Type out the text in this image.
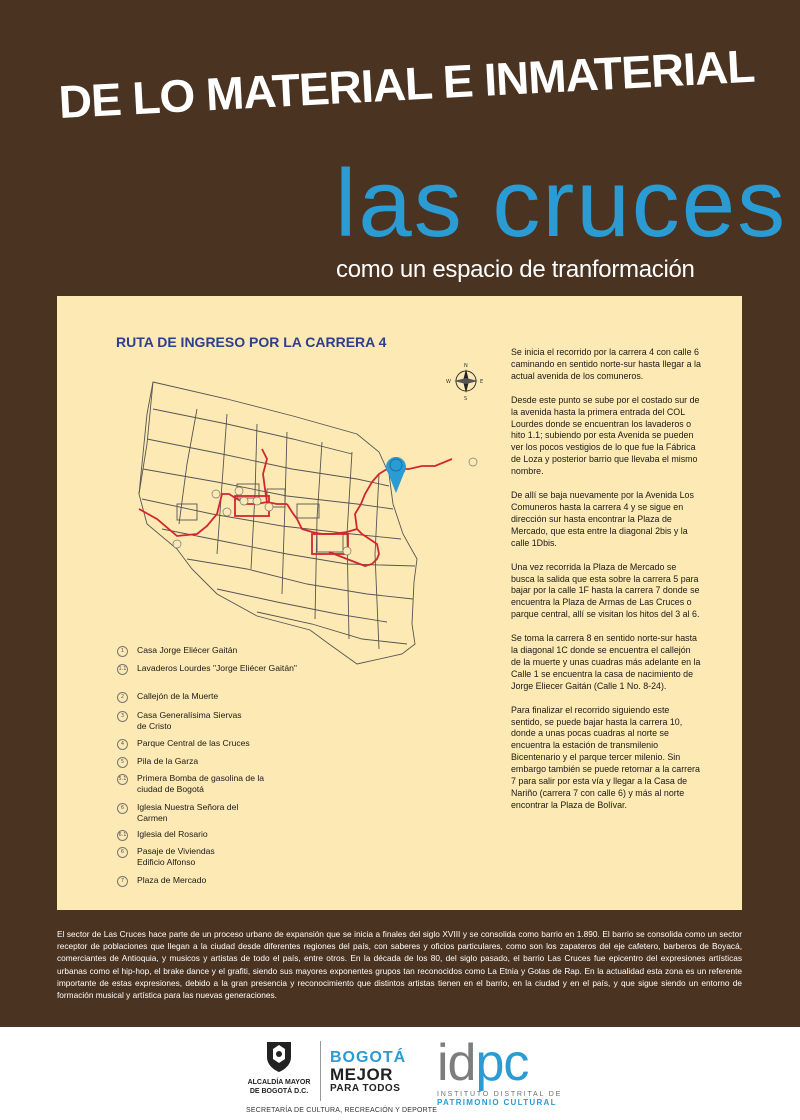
DE LO MATERIAL E INMATERIAL
las cruces
como un espacio de tranformación
RUTA DE INGRESO POR LA CARRERA 4
N
S
E
W
1	Casa Jorge Eliécer Gaitán
1.1 Lavaderos Lourdes "Jorge Eliécer Gaitán"
2	Callejón de la Muerte
3	Casa Generalísima Siervas de Cristo
4	Parque Central de las Cruces
5	Pila de la Garza
5.1 Primera Bomba de gasolina de la ciudad de Bogotá
6	Iglesia Nuestra Señora del Carmen
6.1 Iglesia del Rosario
6	Pasaje de Viviendas Edificio Alfonso
7	Plaza de Mercado

Se inicia el recorrido por la carrera 4 con calle 6 caminando en sentido norte-sur hasta llegar a la actual avenida de los comuneros.

Desde este punto se sube por el costado sur de la avenida hasta la primera entrada del COL Lourdes donde se encuentran los lavaderos o hito 1.1; subiendo por esta Avenida se pueden ver los pocos vestigios de lo que fue la Fábrica de Loza y posterior barrio que llevaba el mismo nombre.

De allí se baja nuevamente por la Avenida Los Comuneros hasta la carrera 4 y se sigue en dirección sur hasta encontrar la Plaza de Mercado, que esta entre la diagonal 2bis y la calle 1Dbis.

Una vez recorrida la Plaza de Mercado se busca la salida que esta sobre la carrera 5 para bajar por la calle 1F hasta la carrera 7 donde se encuentra la Plaza de Armas de Las Cruces o parque central, allí se visitan los hitos del 3 al 6.

Se toma la carrera 8 en sentido norte-sur hasta la diagonal 1C donde se encuentra el callejón de la muerte y unas cuadras más adelante en la Calle 1 se encuentra la casa de nacimiento de Jorge Eliecer Gaitán (Calle 1 No. 8-24).

Para finalizar el recorrido siguiendo este sentido, se puede bajar hasta la carrera 10, donde a unas pocas cuadras al norte se encuentra la estación de transmilenio Bicentenario y el parque tercer milenio. Sin embargo también se puede retornar a la carrera 7 para salir por esta vía y llegar a la Casa de Nariño (carrera 7 con calle 6) y más al norte encontrar la Plaza de Bolívar.

El sector de Las Cruces hace parte de un proceso urbano de expansión que se inicia a finales del siglo XVIII y se consolida como barrio en 1.890. El barrio se consolida como un sector receptor de poblaciones que llegan a la ciudad desde diferentes regiones del país, con saberes y oficios particulares, como son los zapateros del eje cafetero, barberos de Boyacá, comerciantes de Antioquia, y musicos y artistas de todo el país, entre otros. En la década de los 80, del siglo pasado, el barrio Las Cruces fue epicentro del expresiones artísticas urbanas como el hip-hop, el brake dance y el grafiti, siendo sus mayores exponentes grupos tan reconocidos como La Etnia y Gotas de Rap. En la actualidad esta zona es un referente importante de estas expresiones, debido a la gran presencia y reconocimiento que distintos artistas tienen en el barrio, en la ciudad y en el país, y que sigue siendo un entorno de formación musical y artística para las nuevas generaciones.
ALCALDÍA MAYOR
DE BOGOTÁ D.C.
SECRETARÍA DE CULTURA, RECREACIÓN Y DEPORTE
BOGOTÁ
MEJOR
PARA TODOS idpc
INSTITUTO DISTRITAL DE
PATRIMONIO CULTURAL
